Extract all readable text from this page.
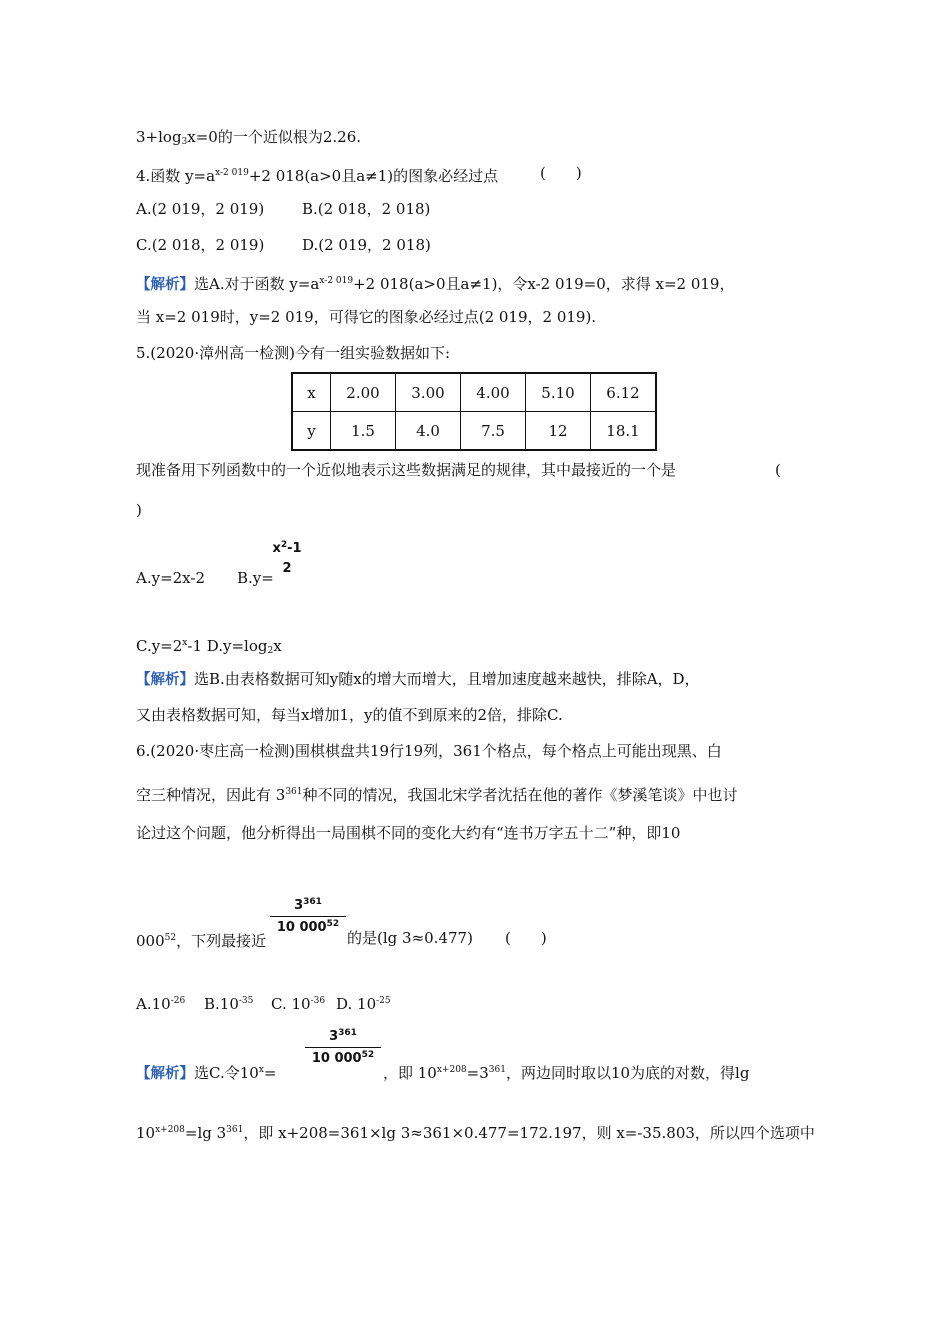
$3+\log_3x=0$的一个近似根为2.26.
4.函数 $y=a^{x-2 019}+2$ 018(a>0且a≠1)的图象必经过点	(　　)
A.(2 019，2 019)	B.(2 018，2 018)
C.(2 018，2 019)	D.(2 019，2 018)
【解析】选A.对于函数 $y=a^{x-2 019}+2$ 018(a>0且a≠1)，令x-2 019=0，求得 x=2 019，
当 x=2 019时，y=2 019，可得它的图象必经过点(2 019，2 019).
5.(2020·漳州高一检测)今有一组实验数据如下:
x	2.00	3.00	4.00	5.10	6.12
y	1.5	4.0	7.5	12	18.1
现准备用下列函数中的一个近似地表示这些数据满足的规律，其中最接近的一个是	(
)
A.y=2x-2 B.y=
$x^2-1$
2
$C.y=2^x-1$ $D.y=\log_2x$
【解析】选B.由表格数据可知y随x的增大而增大，且增加速度越来越快，排除A，D，
又由表格数据可知，每当x增加1，y的值不到原来的2倍，排除C.
6.(2020·枣庄高一检测)围棋棋盘共19行19列，361个格点，每个格点上可能出现黑、白
空三种情况，因此有 $3^{361}$种不同的情况，我国北宋学者沈括在他的著作《梦溪笔谈》中也讨
论过这个问题，他分析得出一局围棋不同的变化大约有“连书万字五十二”种，即10
$000^{52}$，下列最接近
$3^{361}$
10 $000^{52}$
的是(lg 3≈0.477) (　　)
$A.10^{-26}$ $B.10^{-35}$ C. $10^{-36}$ D. $10^{-25}$
【解析】选C.令$10^x=$
$3^{361}$
10 $000^{52}$
，即 $10^{x+208}=3^{361}$，两边同时取以10为底的对数，得lg
$10^{x+208}=\lg$ $3^{361}$，即 x+208=361×lg 3≈361×0.477=172.197，则 x=-35.803，所以四个选项中
